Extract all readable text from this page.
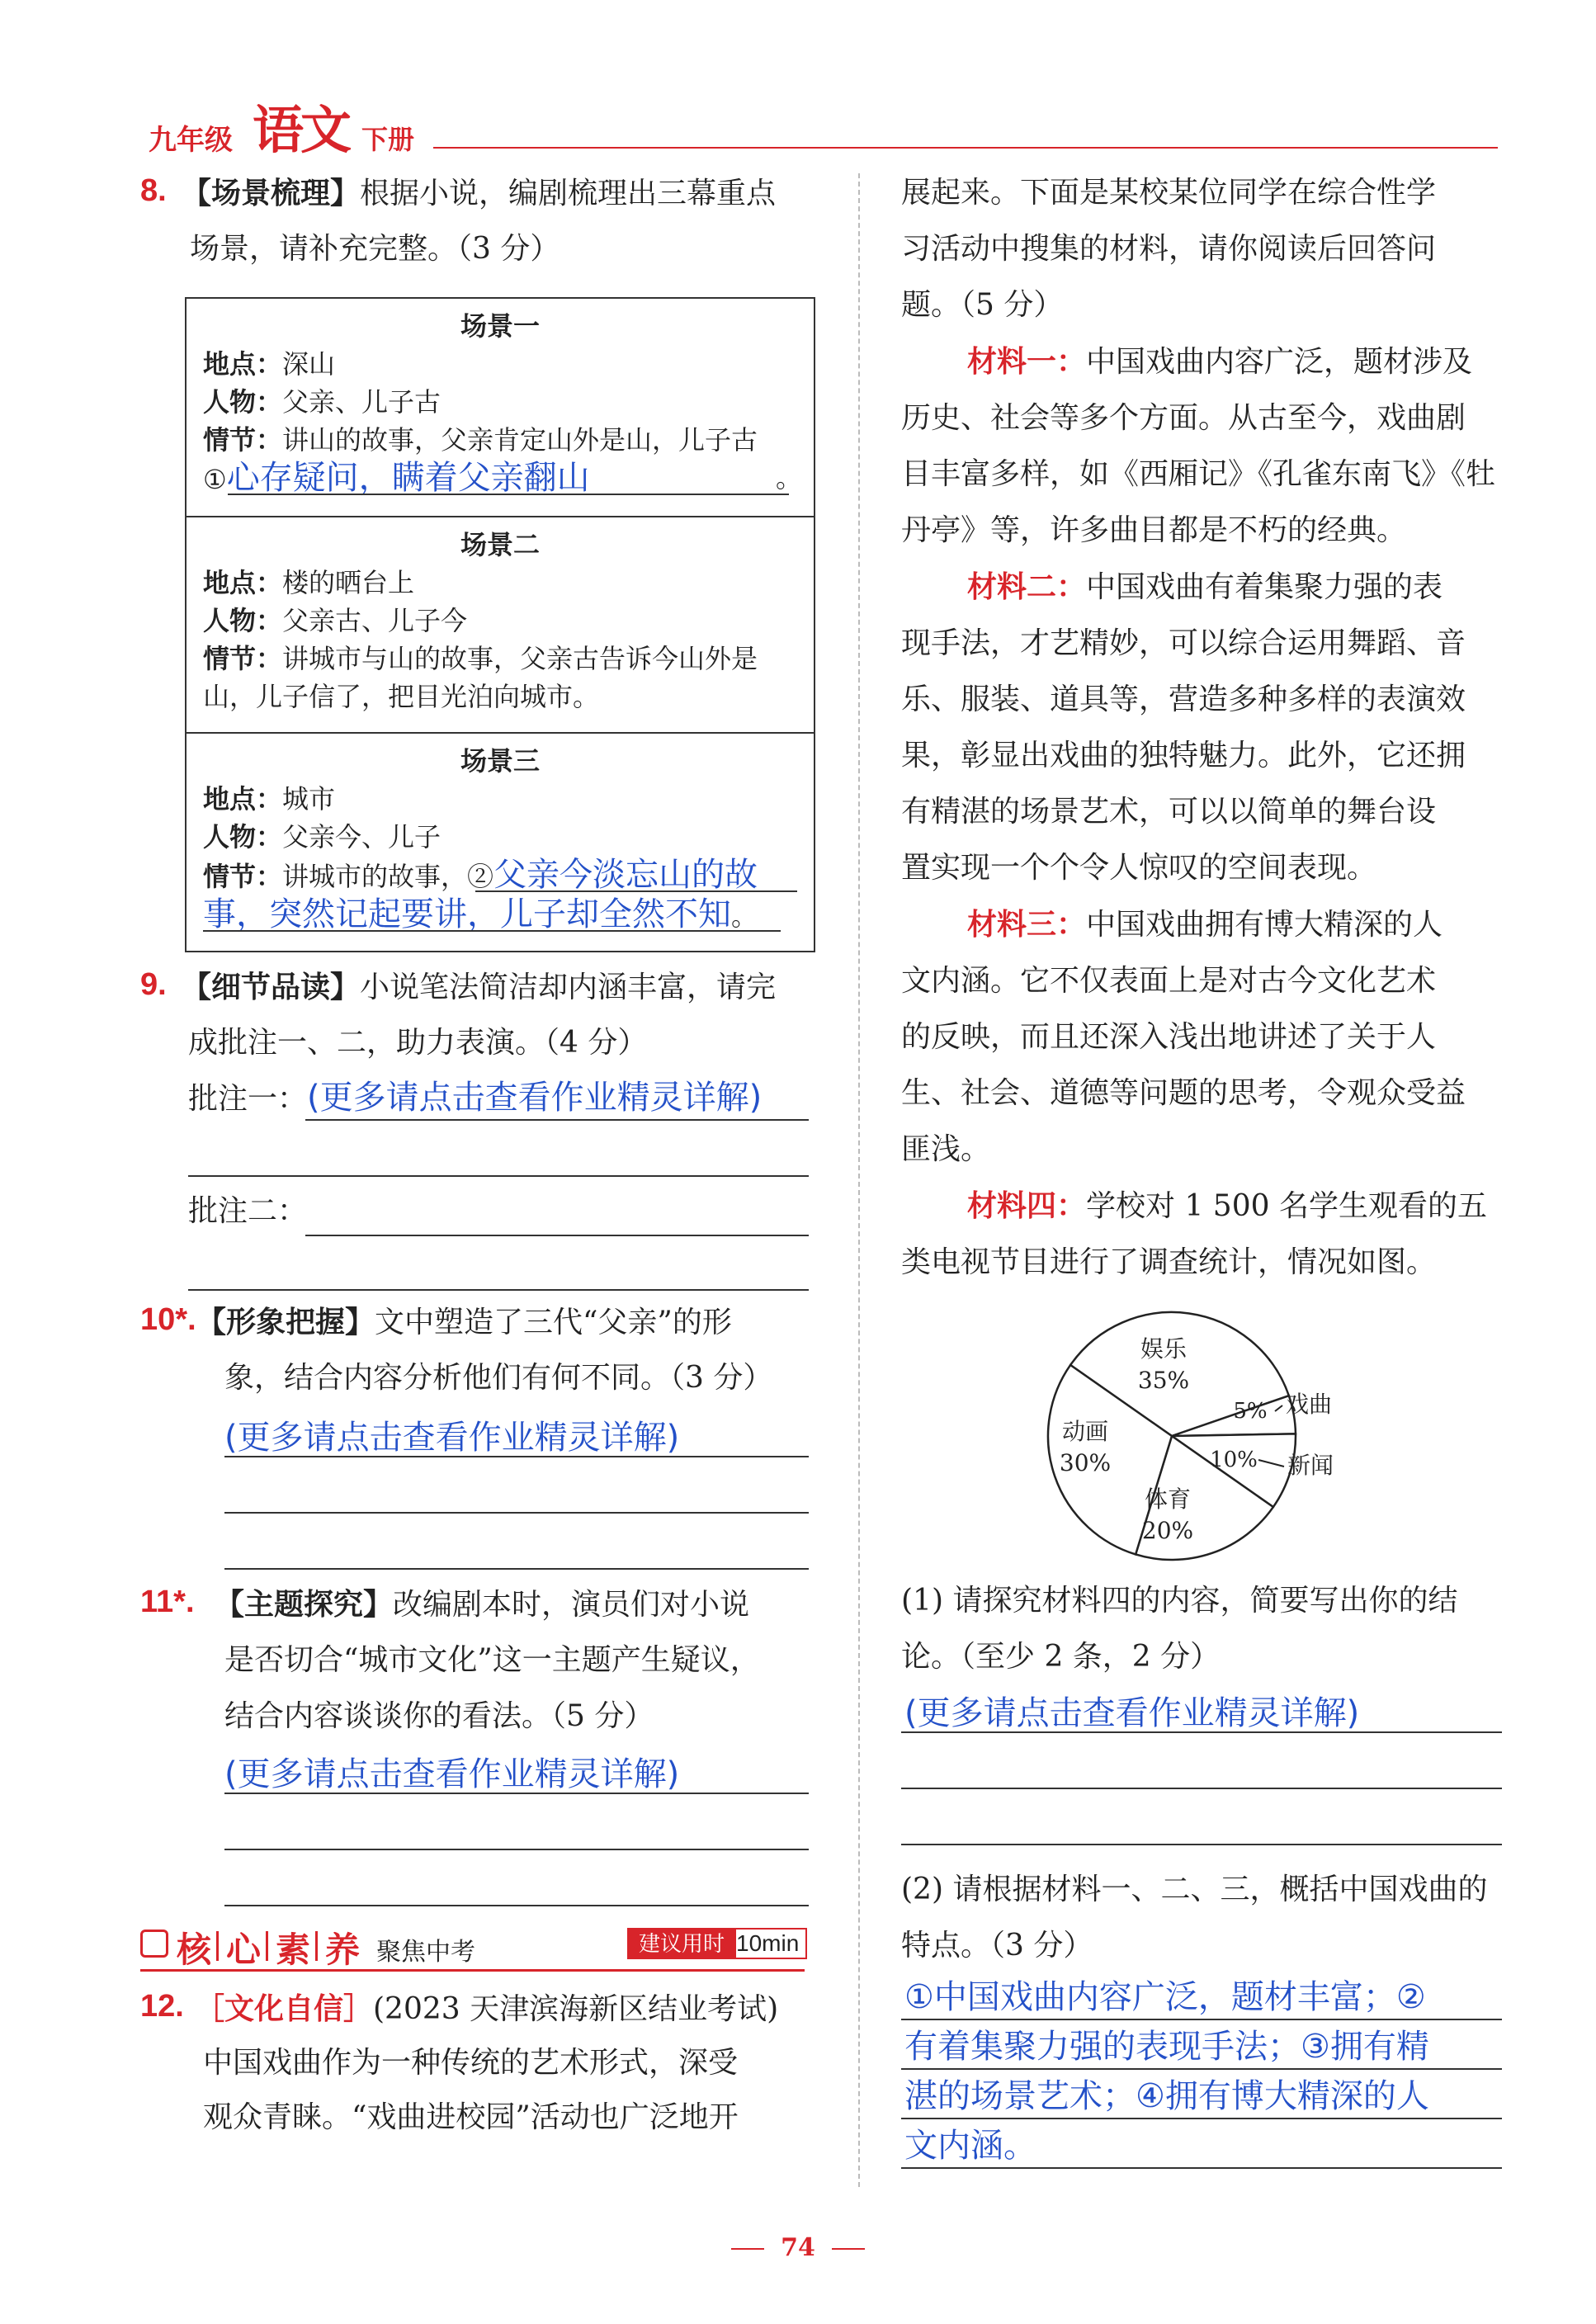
九年级 语文 下册
8. 【场景梳理】根据小说，编剧梳理出三幕重点
场景，请补充完整。（3 分）
场景一
地点：深山
人物：父亲、儿子古
情节：讲山的故事，父亲肯定山外是山，儿子古
①心存疑问，瞒着父亲翻山	。
场景二
地点：楼的晒台上
人物：父亲古、儿子今
情节：讲城市与山的故事，父亲古告诉今山外是
山，儿子信了，把目光泊向城市。
场景三
地点：城市
人物：父亲今、儿子
情节：讲城市的故事，②父亲今淡忘山的故
事，突然记起要讲，儿子却全然不知。
9. 【细节品读】小说笔法简洁却内涵丰富，请完
成批注一、二，助力表演。（4 分）
批注一：(更多请点击查看作业精灵详解)
批注二：
10*. 【形象把握】文中塑造了三代“父亲”的形
象，结合内容分析他们有何不同。（3 分）
(更多请点击查看作业精灵详解)
11*. 【主题探究】改编剧本时，演员们对小说
是否切合“城市文化”这一主题产生疑议，
结合内容谈谈你的看法。（5 分）
(更多请点击查看作业精灵详解)
核 心 素 养 聚焦中考	建议用时 10min
12. ［文化自信］(2023 天津滨海新区结业考试)
中国戏曲作为一种传统的艺术形式，深受
观众青睐。“戏曲进校园”活动也广泛地开
展起来。下面是某校某位同学在综合性学
习活动中搜集的材料，请你阅读后回答问
题。（5 分）
材料一：中国戏曲内容广泛，题材涉及
历史、社会等多个方面。从古至今，戏曲剧
目丰富多样，如《西厢记》《孔雀东南飞》《牡
丹亭》等，许多曲目都是不朽的经典。
材料二：中国戏曲有着集聚力强的表
现手法，才艺精妙，可以综合运用舞蹈、音
乐、服装、道具等，营造多种多样的表演效
果，彰显出戏曲的独特魅力。此外，它还拥
有精湛的场景艺术，可以以简单的舞台设
置实现一个个令人惊叹的空间表现。
材料三：中国戏曲拥有博大精深的人
文内涵。它不仅表面上是对古今文化艺术
的反映，而且还深入浅出地讲述了关于人
生、社会、道德等问题的思考，令观众受益
匪浅。
材料四：学校对 1 500 名学生观看的五
类电视节目进行了调查统计，情况如图。
娱乐
35%
5% 戏曲
10% 新闻
体育
20%
动画
30%
(1) 请探究材料四的内容，简要写出你的结
论。（至少 2 条，2 分）
(更多请点击查看作业精灵详解)
(2) 请根据材料一、二、三，概括中国戏曲的
特点。（3 分）
①中国戏曲内容广泛，题材丰富；②
有着集聚力强的表现手法；③拥有精
湛的场景艺术；④拥有博大精深的人
文内涵。
74
